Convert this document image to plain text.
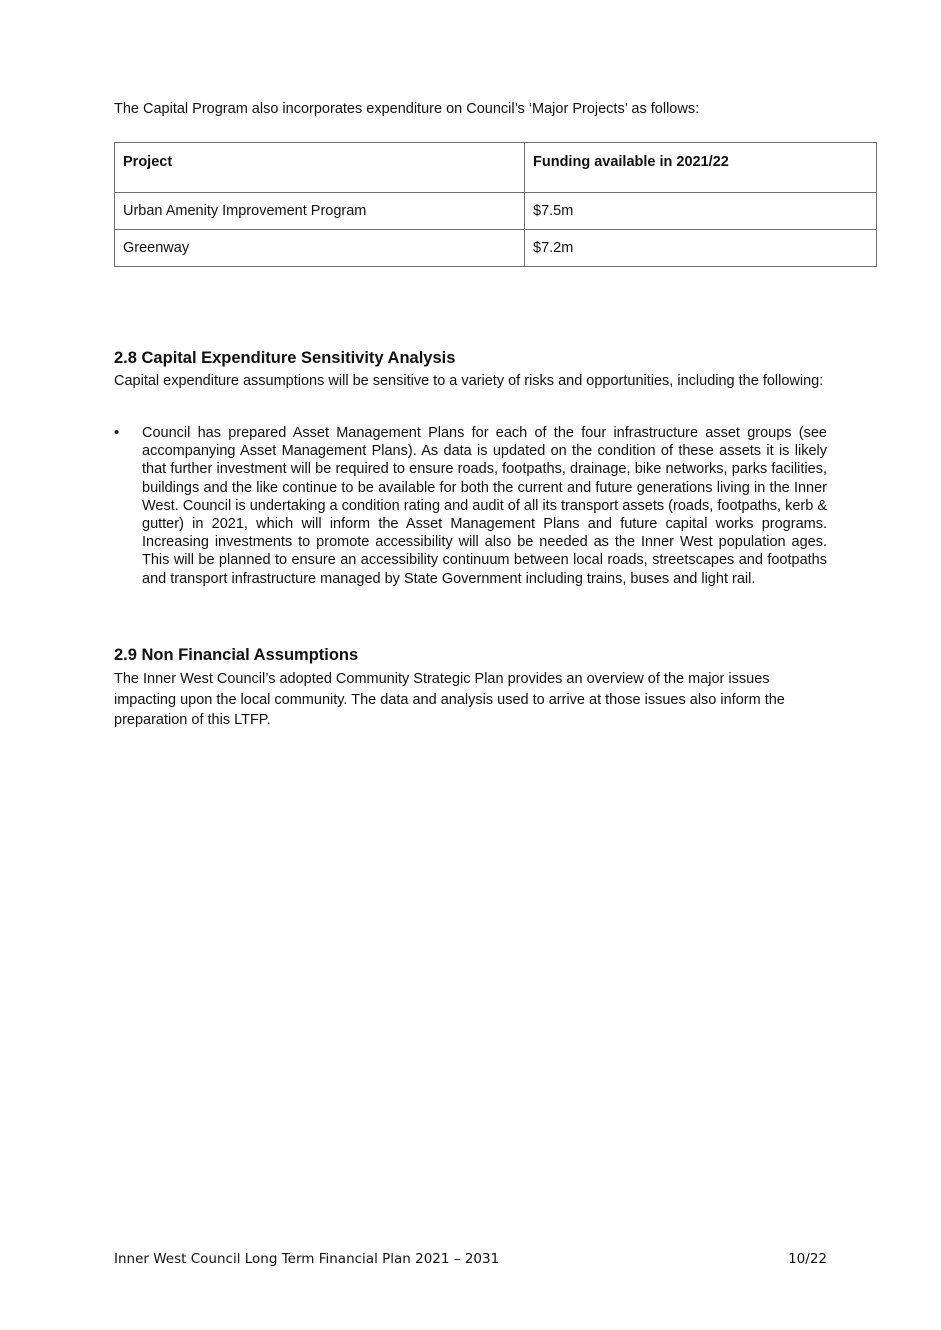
The Capital Program also incorporates expenditure on Council’s ‘Major Projects’ as follows:

Project	Funding available in 2021/22
Urban Amenity Improvement Program	$7.5m
Greenway	$7.2m
2.8 Capital Expenditure Sensitivity Analysis

Capital expenditure assumptions will be sensitive to a variety of risks and opportunities, including the following:

• Council has prepared Asset Management Plans for each of the four infrastructure asset groups (see accompanying Asset Management Plans). As data is updated on the condition of these assets it is likely that further investment will be required to ensure roads, footpaths, drainage, bike networks, parks facilities, buildings and the like continue to be available for both the current and future generations living in the Inner West. Council is undertaking a condition rating and audit of all its transport assets (roads, footpaths, kerb & gutter) in 2021, which will inform the Asset Management Plans and future capital works programs. Increasing investments to promote accessibility will also be needed as the Inner West population ages. This will be planned to ensure an accessibility continuum between local roads, streetscapes and footpaths and transport infrastructure managed by State Government including trains, buses and light rail.

2.9 Non Financial Assumptions

The Inner West Council’s adopted Community Strategic Plan provides an overview of the major issues impacting upon the local community. The data and analysis used to arrive at those issues also inform the preparation of this LTFP.

Inner West Council Long Term Financial Plan 2021 – 2031	10/22
